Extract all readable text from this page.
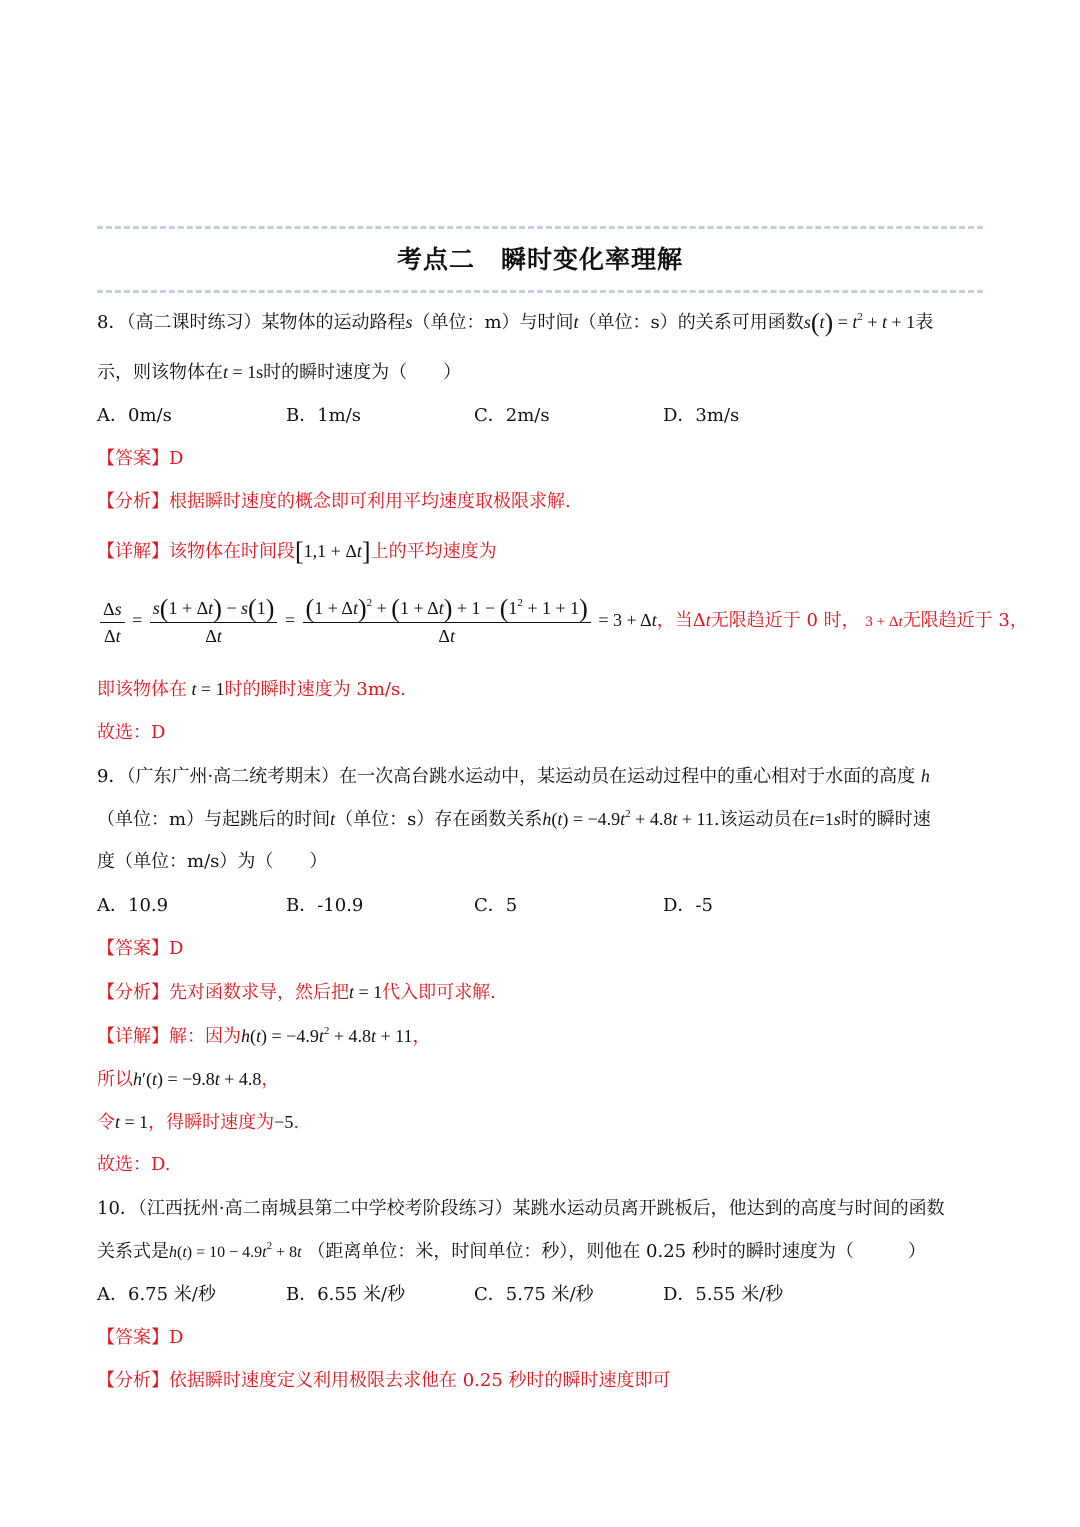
考点二　瞬时变化率理解
8．（高二课时练习）某物体的运动路程s（单位：m）与时间t（单位：s）的关系可用函数$s(t) = t^2 + t + 1$表
示，则该物体在t = 1s时的瞬时速度为（　　）
A．0m/s	B．1m/s	C．2m/s	D．3m/s
【答案】D
【分析】根据瞬时速度的概念即可利用平均速度取极限求解.
【详解】该物体在时间段[1,1 + Δt]上的平均速度为
$\frac{\Delta s}{\Delta t} = \frac{s(1 + \Delta t) - s(1)}{\Delta t} = \frac{(1 + \Delta t)^2 + (1 + \Delta t) + 1 - (1^2 + 1 + 1)}{\Delta t} = 3 + \Delta t$，当Δt无限趋近于 0 时， 3 + Δt无限趋近于 3，
即该物体在 t = 1时的瞬时速度为 3m/s.
故选：D
9．（广东广州·高二统考期末）在一次高台跳水运动中，某运动员在运动过程中的重心相对于水面的高度 h
（单位：m）与起跳后的时间t（单位：s）存在函数关系$h(t) = -4.9t^2 + 4.8t + 11$.该运动员在t=1s时的瞬时速
度（单位：m/s）为（　　）
A．10.9	B．-10.9	C．5	D．-5
【答案】D
【分析】先对函数求导，然后把t = 1代入即可求解.
【详解】解：因为$h(t) = -4.9t^2 + 4.8t + 11$，
所以h′(t) = −9.8t + 4.8，
令t = 1，得瞬时速度为−5.
故选：D.
10．（江西抚州·高二南城县第二中学校考阶段练习）某跳水运动员离开跳板后，他达到的高度与时间的函数
关系式是$h(t) = 10 - 4.9t^2 + 8t$ （距离单位：米，时间单位：秒），则他在 0.25 秒时的瞬时速度为（　　　）
A．6.75 米/秒	B．6.55 米/秒	C．5.75 米/秒	D．5.55 米/秒
【答案】D
【分析】依据瞬时速度定义利用极限去求他在 0.25 秒时的瞬时速度即可
